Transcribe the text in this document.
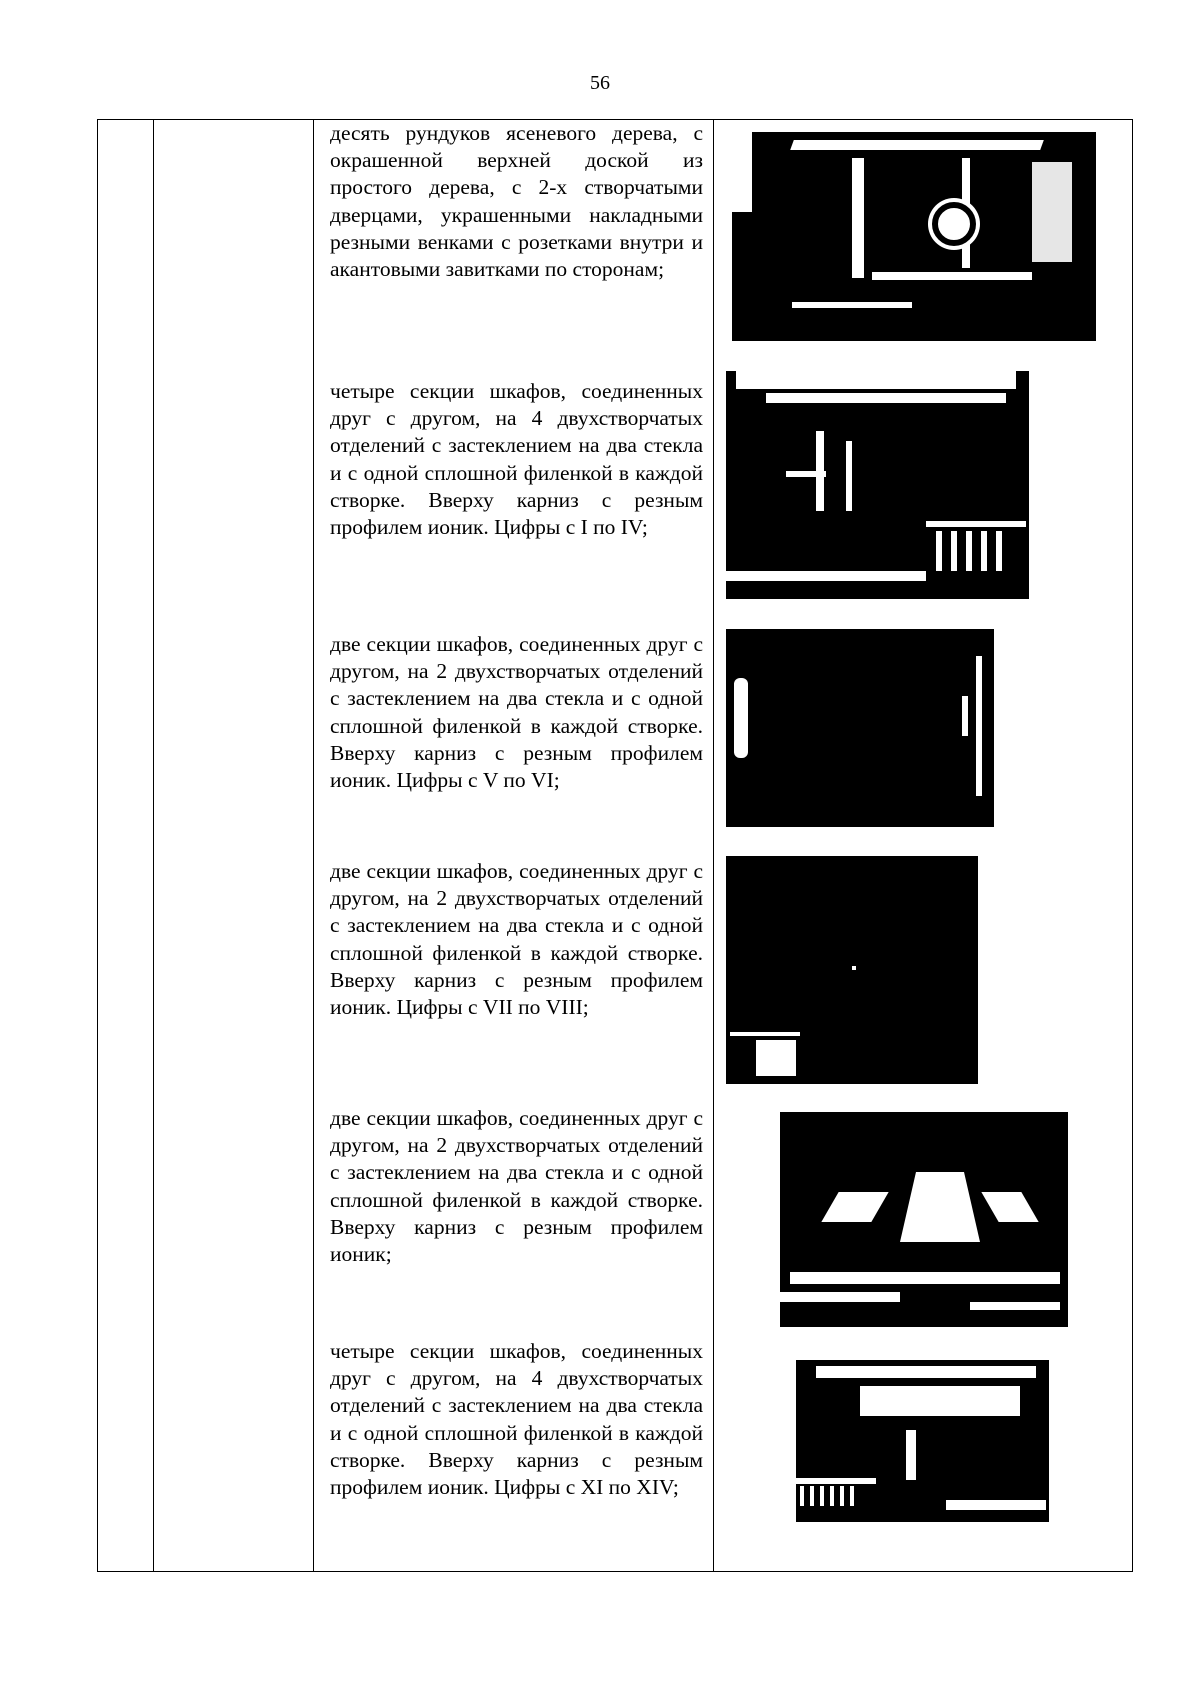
56

десять рундуков ясеневого дерева, с окрашенной верхней доской из простого дерева, с 2-х створчатыми дверцами, украшенными накладными резными венками с розетками внутри и акантовыми завитками по сторонам;
четыре секции шкафов, соединенных друг с другом, на 4 двухстворчатых отделений с застеклением на два стекла и с одной сплошной филенкой в каждой створке. Вверху карниз с резным профилем ионик. Цифры с I по IV;
две секции шкафов, соединенных друг с другом, на 2 двухстворчатых отделений с застеклением на два стекла и с одной сплошной филенкой в каждой створке. Вверху карниз с резным профилем ионик. Цифры с V по VI;
две секции шкафов, соединенных друг с другом, на 2 двухстворчатых отделений с застеклением на два стекла и с одной сплошной филенкой в каждой створке. Вверху карниз с резным профилем ионик. Цифры с VII по VIII;
две секции шкафов, соединенных друг с другом, на 2 двухстворчатых отделений с застеклением на два стекла и с одной сплошной филенкой в каждой створке. Вверху карниз с резным профилем ионик;
четыре секции шкафов, соединенных друг с другом, на 4 двухстворчатых отделений с застеклением на два стекла и с одной сплошной филенкой в каждой створке. Вверху карниз с резным профилем ионик. Цифры с XI по XIV;
